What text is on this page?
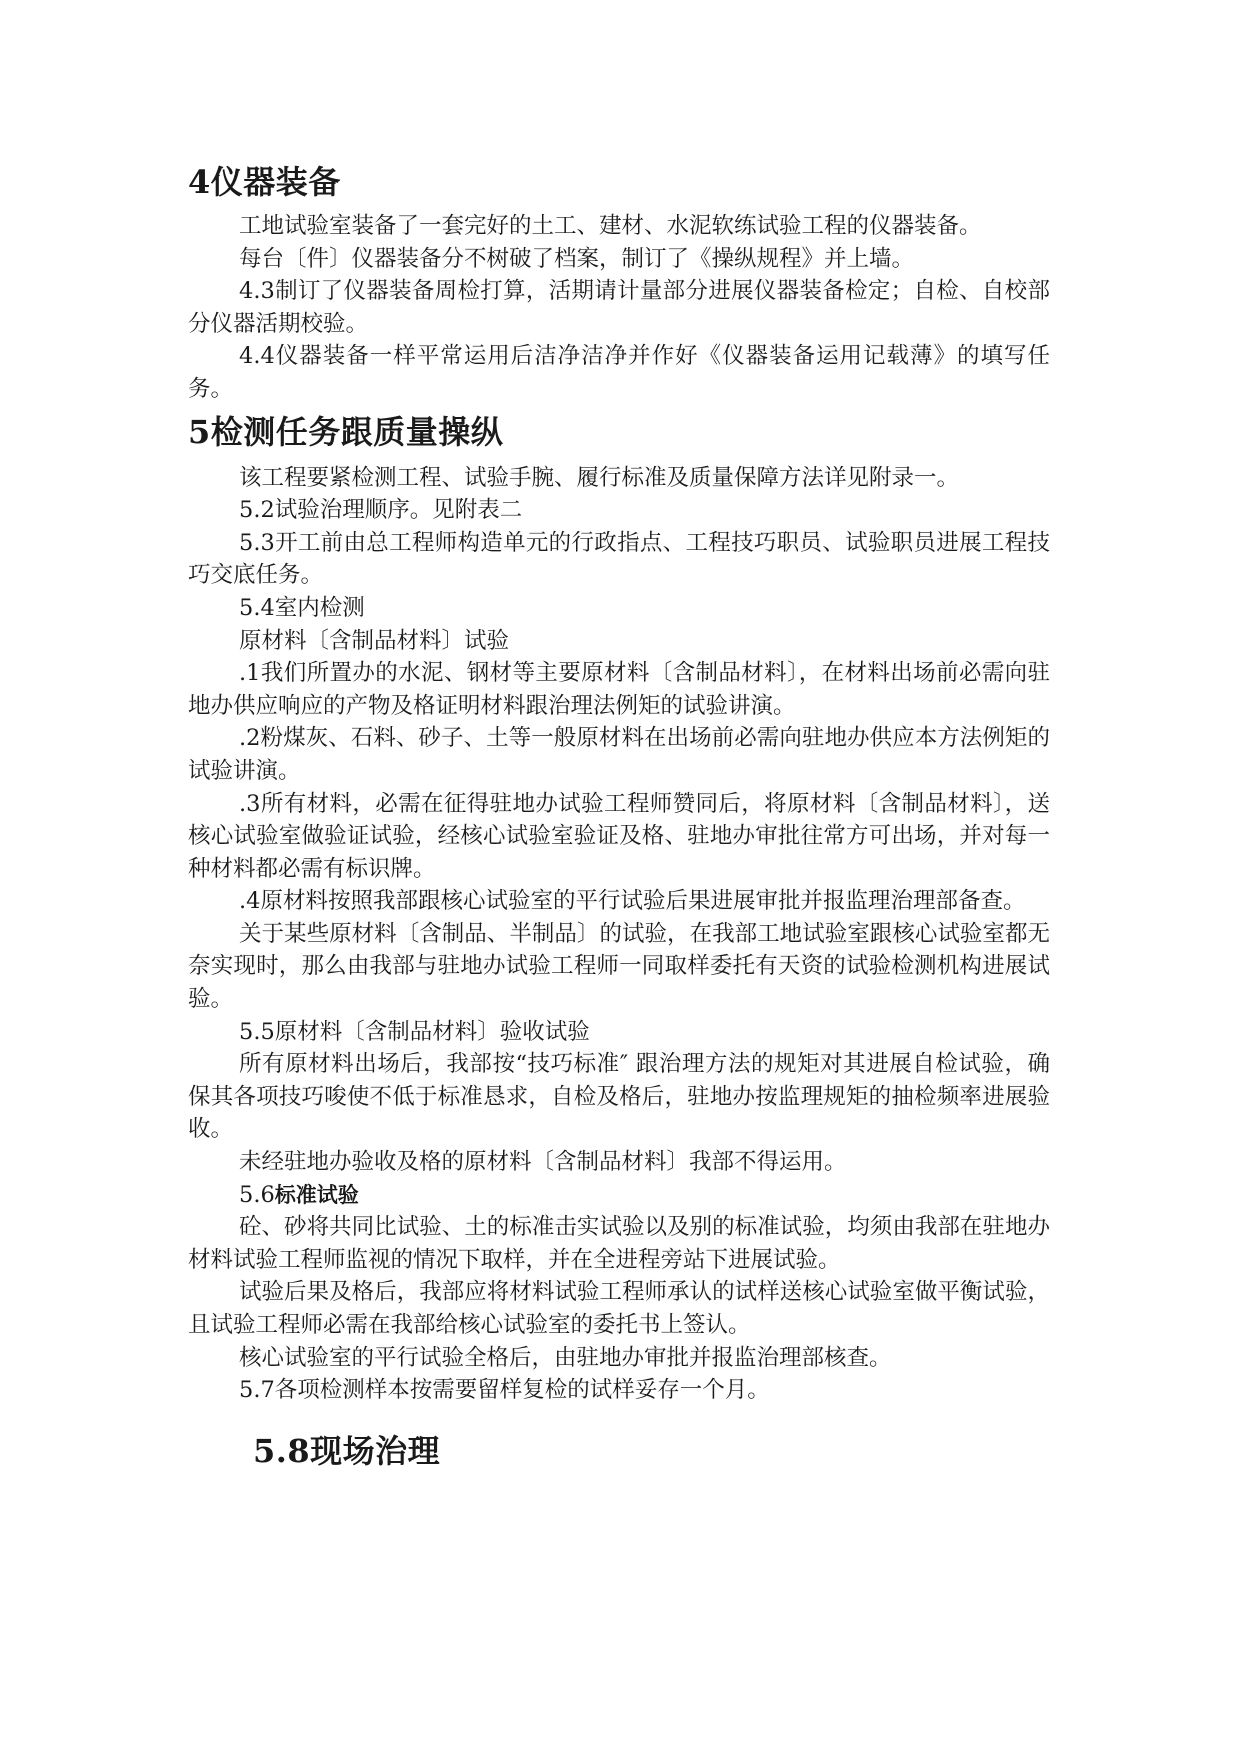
4仪器装备

工地试验室装备了一套完好的土工、建材、水泥软练试验工程的仪器装备。

每台〔件〕仪器装备分不树破了档案，制订了《操纵规程》并上墙。

4.3制订了仪器装备周检打算，活期请计量部分进展仪器装备检定；自检、自校部分仪器活期校验。

4.4仪器装备一样平常运用后洁净洁净并作好《仪器装备运用记载薄》的填写任务。

5检测任务跟质量操纵

该工程要紧检测工程、试验手腕、履行标准及质量保障方法详见附录一。

5.2试验治理顺序。见附表二

5.3开工前由总工程师构造单元的行政指点、工程技巧职员、试验职员进展工程技巧交底任务。

5.4室内检测

原材料〔含制品材料〕试验

.1我们所置办的水泥、钢材等主要原材料〔含制品材料〕，在材料出场前必需向驻地办供应响应的产物及格证明材料跟治理法例矩的试验讲演。

.2粉煤灰、石料、砂子、土等一般原材料在出场前必需向驻地办供应本方法例矩的试验讲演。

.3所有材料，必需在征得驻地办试验工程师赞同后，将原材料〔含制品材料〕，送核心试验室做验证试验，经核心试验室验证及格、驻地办审批往常方可出场，并对每一种材料都必需有标识牌。

.4原材料按照我部跟核心试验室的平行试验后果进展审批并报监理治理部备查。

关于某些原材料〔含制品、半制品〕的试验，在我部工地试验室跟核心试验室都无奈实现时，那么由我部与驻地办试验工程师一同取样委托有天资的试验检测机构进展试验。

5.5原材料〔含制品材料〕验收试验

所有原材料出场后，我部按“技巧标准″ 跟治理方法的规矩对其进展自检试验，确保其各项技巧唆使不低于标准恳求，自检及格后，驻地办按监理规矩的抽检频率进展验收。

未经驻地办验收及格的原材料〔含制品材料〕我部不得运用。

5.6标准试验

砼、砂将共同比试验、土的标准击实试验以及别的标准试验，均须由我部在驻地办材料试验工程师监视的情况下取样，并在全进程旁站下进展试验。

试验后果及格后，我部应将材料试验工程师承认的试样送核心试验室做平衡试验，且试验工程师必需在我部给核心试验室的委托书上签认。

核心试验室的平行试验全格后，由驻地办审批并报监治理部核查。

5.7各项检测样本按需要留样复检的试样妥存一个月。

5.8现场治理
